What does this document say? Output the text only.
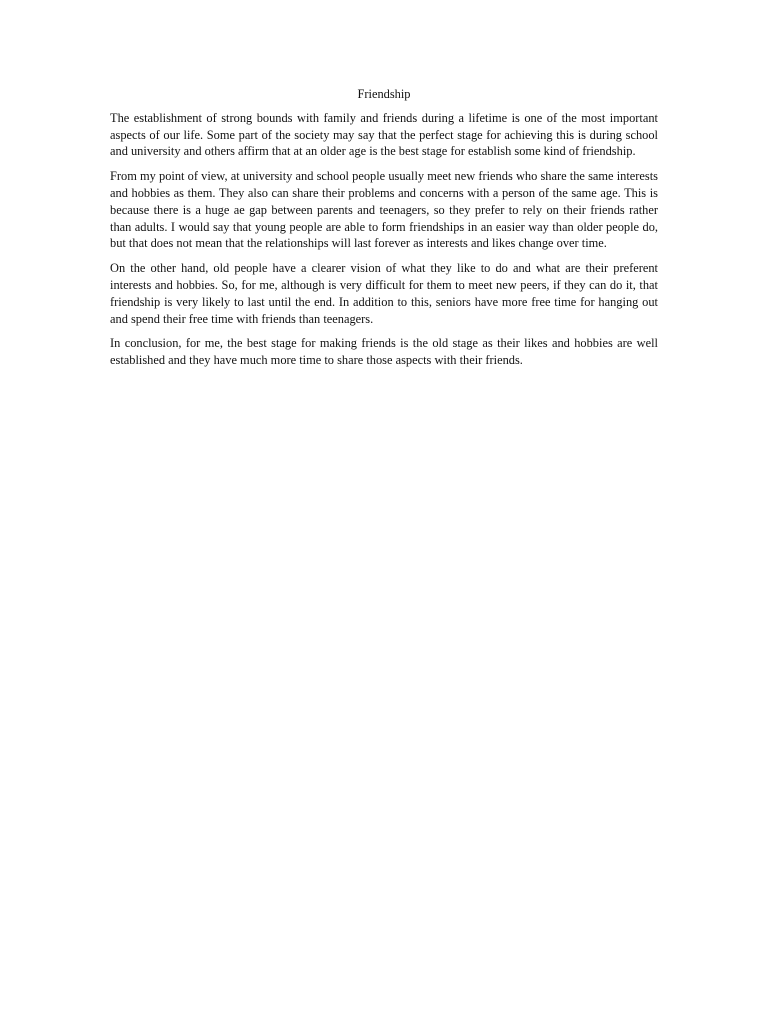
Friendship

The establishment of strong bounds with family and friends during a lifetime is one of the most important aspects of our life. Some part of the society may say that the perfect stage for achieving this is during school and university and others affirm that at an older age is the best stage for establish some kind of friendship.

From my point of view, at university and school people usually meet new friends who share the same interests and hobbies as them. They also can share their problems and concerns with a person of the same age. This is because there is a huge ae gap between parents and teenagers, so they prefer to rely on their friends rather than adults. I would say that young people are able to form friendships in an easier way than older people do, but that does not mean that the relationships will last forever as interests and likes change over time.

On the other hand, old people have a clearer vision of what they like to do and what are their preferent interests and hobbies. So, for me, although is very difficult for them to meet new peers, if they can do it, that friendship is very likely to last until the end. In addition to this, seniors have more free time for hanging out and spend their free time with friends than teenagers.

In conclusion, for me, the best stage for making friends is the old stage as their likes and hobbies are well established and they have much more time to share those aspects with their friends.
